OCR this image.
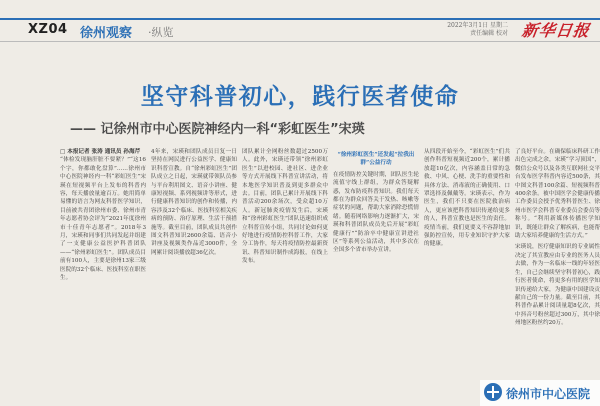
XZ04 徐州观察 ·纵览
2022年3月1日 星期二
责任编辑 校对 新华日报
坚守科普初心，践行医者使命
—— 记徐州市中心医院神经内一科“彩虹医生”宋瑛

□ 本报记者 张涛 通讯员 孙海芹
“体检发现脑肝脏不要紧？”“这16个字，你都敢化盘算”……徐州市中心医院神经内一科“彩虹医生”宋瑛在短视频平台上发布的科普内容，每天播放量逾百万。她用简单易懂的语言为网友科普医学知识，目前被共青团徐州市委、徐州市青年志愿者协会评为“2021年度徐州市十佳青年志愿者”。2018年3月，宋瑛和同事们共同发起并组建了一支健康公益医护科普团队——“徐州彩虹医生”。团队成员目前有100人，主要是徐州13家三级医院的32个临床、医技科室在职医生。

4年来，宋瑛和团队成员日复一日坚持在网民进行公益医学、健康知识科普宣教。自“徐州彩虹医生”团队成立之日起，宋瑛就带领队员参与平台利用图文、语音小讲座、健康短视频、系列视频讲等形式，进行健康科普知识的创作和传播，内容涉及32个临床、医技科室相关疾病的预防、治疗原理、生活干预措施等。截至目前，团队成员共创作图文科普知识2600余篇、语音小讲座及视频类作品近3000件，全网累计阅读播放超36亿次。

团队累计全网粉丝数超过2500万人。此外，宋瑛还带领“徐州彩虹医生”以进校园、进社区、进企业等方式开展线下科普宣讲活动，将本地医学知识普及到更多群众中去。目前，团队已累计开展线下科普活动200余场次，受众超10万人。新冠肺炎疫情发生后，宋瑛和“徐州彩虹医生”团队迅速组织成立科普宣传小组，共同讨论如何更好地进行疫情防控科普工作，大家分工协作，每天将疫情防控最新资讯、科普知识制作成海报，在线上发布。

“徐州彩虹医生”还发起“拉我出群”公益行动
在疫情防控关键时期，团队医生轮流值守线上群组，为群众答疑解惑，发布防疫科普知识。我们每天都在为群众回答关于发热、咳嗽等症状的问题，帮助大家消除恐慌情绪。随着网络影响力逐渐扩大，宋瑛和科普团队成员先后开展“彩虹健康行”“防治卒中健康宣讲进社区”等系列公益活动，其中多次在全国多个省市举办宣讲。

从四段开始至今，“彩虹医生”们共创作科普短视频近200个，累计播放超10亿次，内容涵盖日常的急救、中风、心梗、洗手的重要性和具体方法、消毒液的正确使用、口罩选择及佩戴等。宋瑛表示，作为医生，我们不只要在医院救治病人，更应该把科普知识传递给更多的人，科普宣教也是医生的责任。疫情当前，我们更要义不容辞地加强防控宣传，用专业知识守护大家的健康。

了良好平台。在确保临床科研工作出色完成之余，宋瑛“学习顶国”，微信公众号以及各类互联网社交平台发布医学科普内容近500条，其中图文科普100余篇、短视频科普400余条。被中国医学会健康传播工作委员会授予优秀科普医生、徐州市医学会科普专业委员会委员等称号。“利用新媒体传播医学知识，既能让群众了解疾病，也能帮助大家培养健康的生活方式。”

宋瑛说，医疗健康知识的专业属性决定了其宣教应由专业的医务人员去做，作为一名临床一线的年轻医生，自己会继续坚守科普初心，践行医者使命，将更多有用的医学知识传递给大家，为健康中国建设贡献自己的一份力量。截至目前，其科普作品累计阅读量超8亿次，其中抖音号粉丝超过300万，其中徐州地区粉丝约20万。

徐州市中心医院
